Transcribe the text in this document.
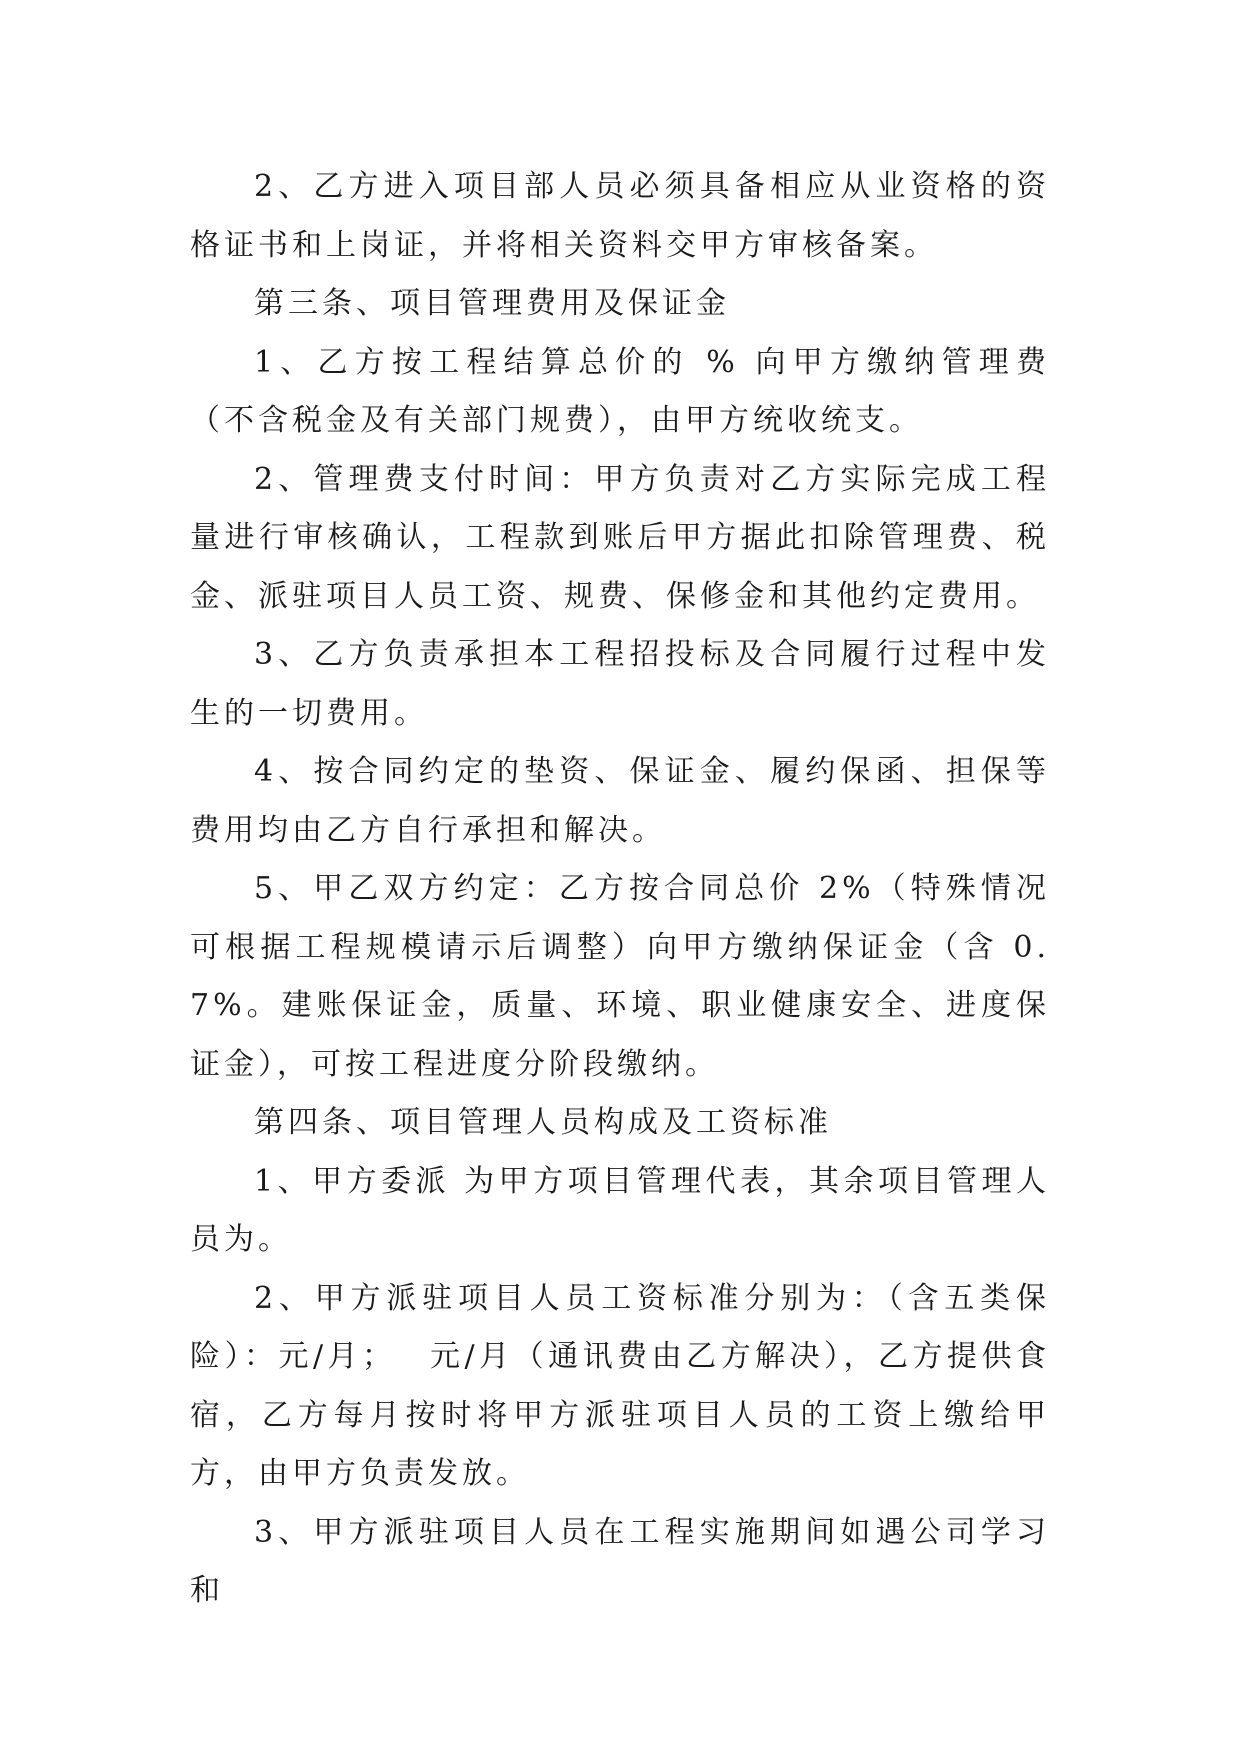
2、乙方进入项目部人员必须具备相应从业资格的资格证书和上岗证，并将相关资料交甲方审核备案。

第三条、项目管理费用及保证金

1、乙方按工程结算总价的 % 向甲方缴纳管理费（不含税金及有关部门规费），由甲方统收统支。

2、管理费支付时间：甲方负责对乙方实际完成工程量进行审核确认，工程款到账后甲方据此扣除管理费、税金、派驻项目人员工资、规费、保修金和其他约定费用。

3、乙方负责承担本工程招投标及合同履行过程中发生的一切费用。

4、按合同约定的垫资、保证金、履约保函、担保等费用均由乙方自行承担和解决。

5、甲乙双方约定：乙方按合同总价 2%（特殊情况可根据工程规模请示后调整）向甲方缴纳保证金（含 0.7%。建账保证金，质量、环境、职业健康安全、进度保证金），可按工程进度分阶段缴纳。

第四条、项目管理人员构成及工资标准

1、甲方委派 为甲方项目管理代表，其余项目管理人员为。

2、甲方派驻项目人员工资标准分别为：（含五类保险）：元/月；　 元/月（通讯费由乙方解决），乙方提供食宿，乙方每月按时将甲方派驻项目人员的工资上缴给甲方，由甲方负责发放。

3、甲方派驻项目人员在工程实施期间如遇公司学习和
